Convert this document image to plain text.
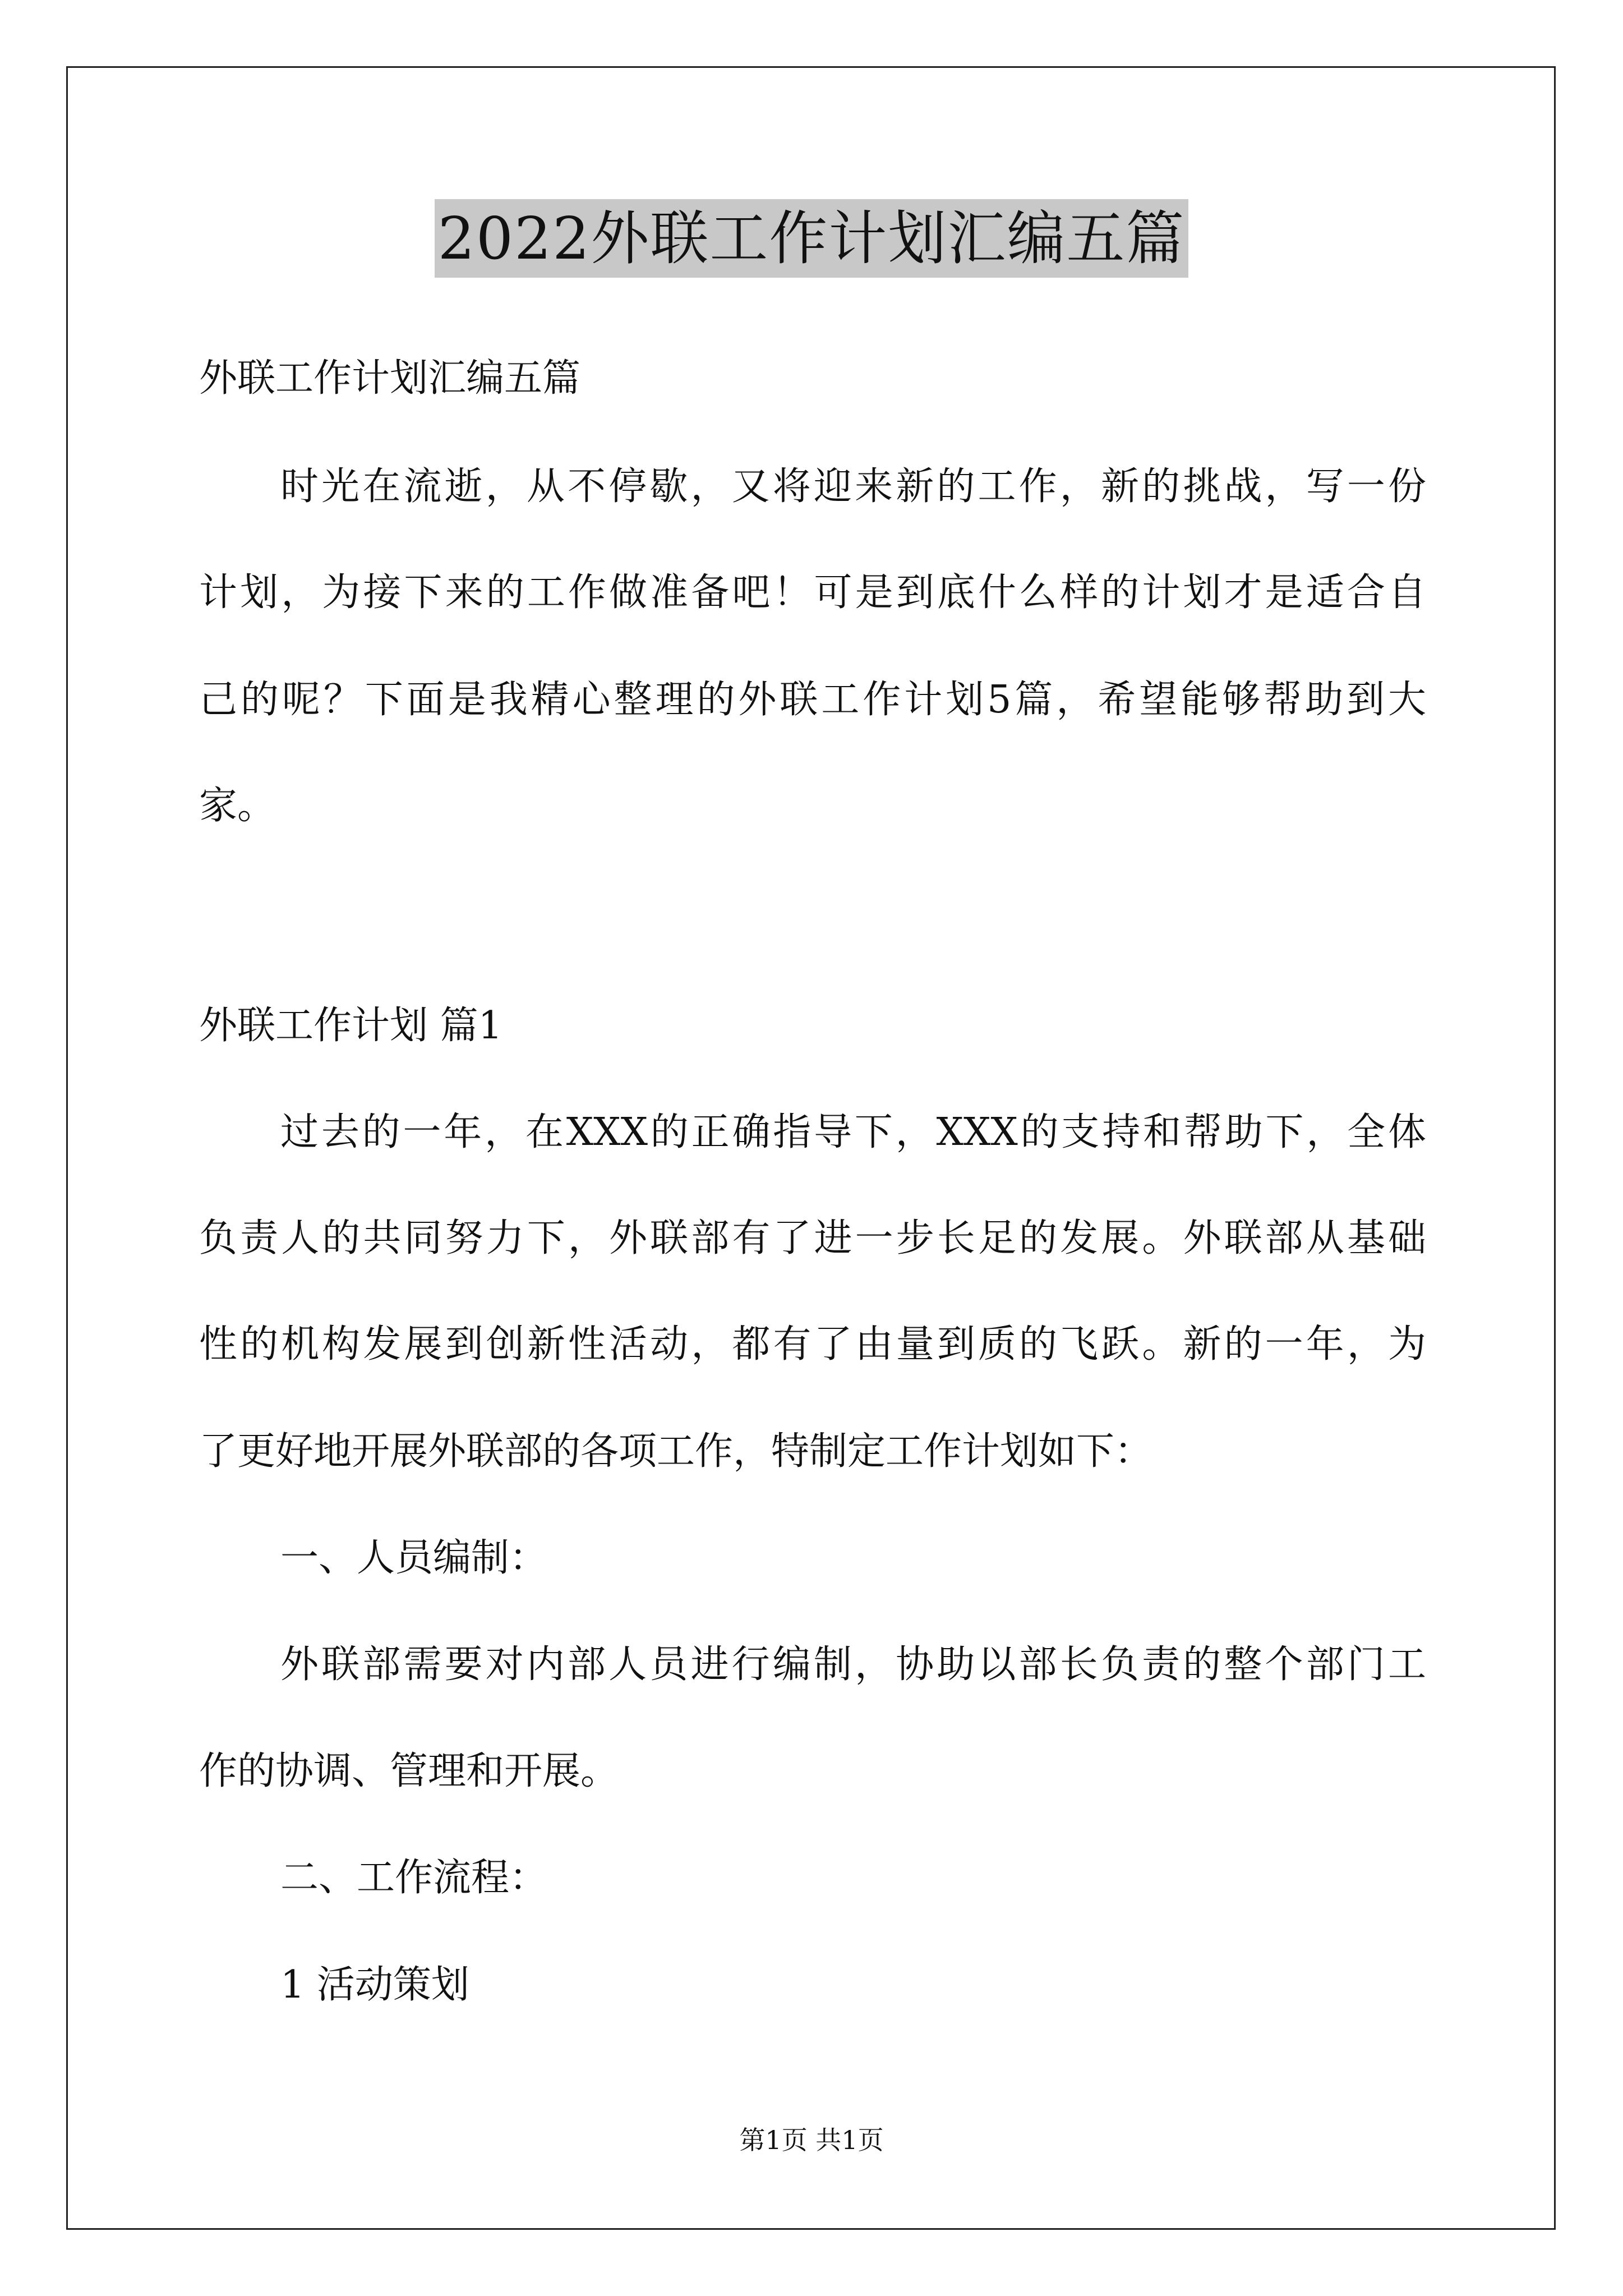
2022外联工作计划汇编五篇
外联工作计划汇编五篇
时光在流逝，从不停歇，又将迎来新的工作，新的挑战，写一份
计划，为接下来的工作做准备吧！可是到底什么样的计划才是适合自
己的呢？下面是我精心整理的外联工作计划5篇，希望能够帮助到大
家。
外联工作计划 篇1
过去的一年，在XXX的正确指导下，XXX的支持和帮助下，全体
负责人的共同努力下，外联部有了进一步长足的发展。外联部从基础
性的机构发展到创新性活动，都有了由量到质的飞跃。新的一年，为
了更好地开展外联部的各项工作，特制定工作计划如下：
一、人员编制：
外联部需要对内部人员进行编制，协助以部长负责的整个部门工
作的协调、管理和开展。
二、工作流程：
1 活动策划
第1页 共1页
